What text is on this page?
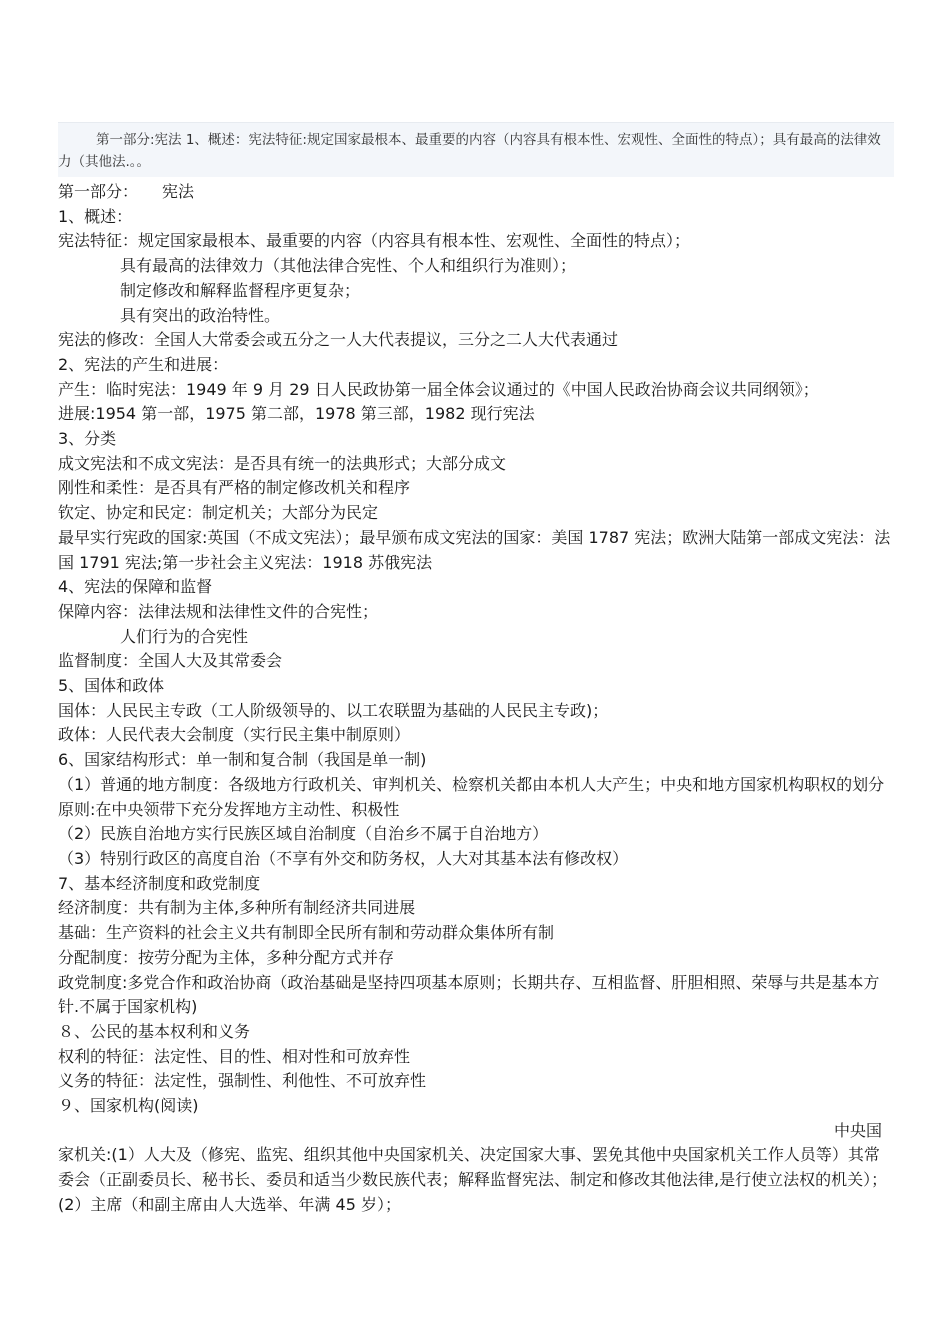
第一部分:宪法 1、概述：宪法特征:规定国家最根本、最重要的内容（内容具有根本性、宏观性、全面性的特点）；具有最高的法律效力（其他法.。。

第一部分：　　宪法
1、概述：
宪法特征：规定国家最根本、最重要的内容（内容具有根本性、宏观性、全面性的特点）；
具有最高的法律效力（其他法律合宪性、个人和组织行为准则）；
制定修改和解释监督程序更复杂；
具有突出的政治特性。
宪法的修改：全国人大常委会或五分之一人大代表提议，三分之二人大代表通过
2、宪法的产生和进展：
产生：临时宪法：1949 年 9 月 29 日人民政协第一届全体会议通过的《中国人民政治协商会议共同纲领》；
进展:1954 第一部，1975 第二部，1978 第三部，1982 现行宪法
3、分类
成文宪法和不成文宪法：是否具有统一的法典形式；大部分成文
刚性和柔性：是否具有严格的制定修改机关和程序
钦定、协定和民定：制定机关；大部分为民定
最早实行宪政的国家:英国（不成文宪法）；最早颁布成文宪法的国家：美国 1787 宪法；欧洲大陆第一部成文宪法：法国 1791 宪法;第一步社会主义宪法：1918 苏俄宪法
4、宪法的保障和监督
保障内容：法律法规和法律性文件的合宪性；
人们行为的合宪性
监督制度：全国人大及其常委会
5、国体和政体
国体：人民民主专政（工人阶级领导的、以工农联盟为基础的人民民主专政)；
政体：人民代表大会制度（实行民主集中制原则）
6、国家结构形式：单一制和复合制（我国是单一制)
（1）普通的地方制度：各级地方行政机关、审判机关、检察机关都由本机人大产生；中央和地方国家机构职权的划分原则:在中央领带下充分发挥地方主动性、积极性
（2）民族自治地方实行民族区域自治制度（自治乡不属于自治地方）
（3）特别行政区的高度自治（不享有外交和防务权，人大对其基本法有修改权）
7、基本经济制度和政党制度
经济制度：共有制为主体,多种所有制经济共同进展
基础：生产资料的社会主义共有制即全民所有制和劳动群众集体所有制
分配制度：按劳分配为主体，多种分配方式并存
政党制度:多党合作和政治协商（政治基础是坚持四项基本原则；长期共存、互相监督、肝胆相照、荣辱与共是基本方针.不属于国家机构)
８、公民的基本权利和义务
权利的特征：法定性、目的性、相对性和可放弃性
义务的特征：法定性，强制性、利他性、不可放弃性
９、国家机构(阅读)
中央国
家机关:(1）人大及（修宪、监宪、组织其他中央国家机关、决定国家大事、罢免其他中央国家机关工作人员等）其常委会（正副委员长、秘书长、委员和适当少数民族代表；解释监督宪法、制定和修改其他法律,是行使立法权的机关）；
(2）主席（和副主席由人大选举、年满 45 岁）；
